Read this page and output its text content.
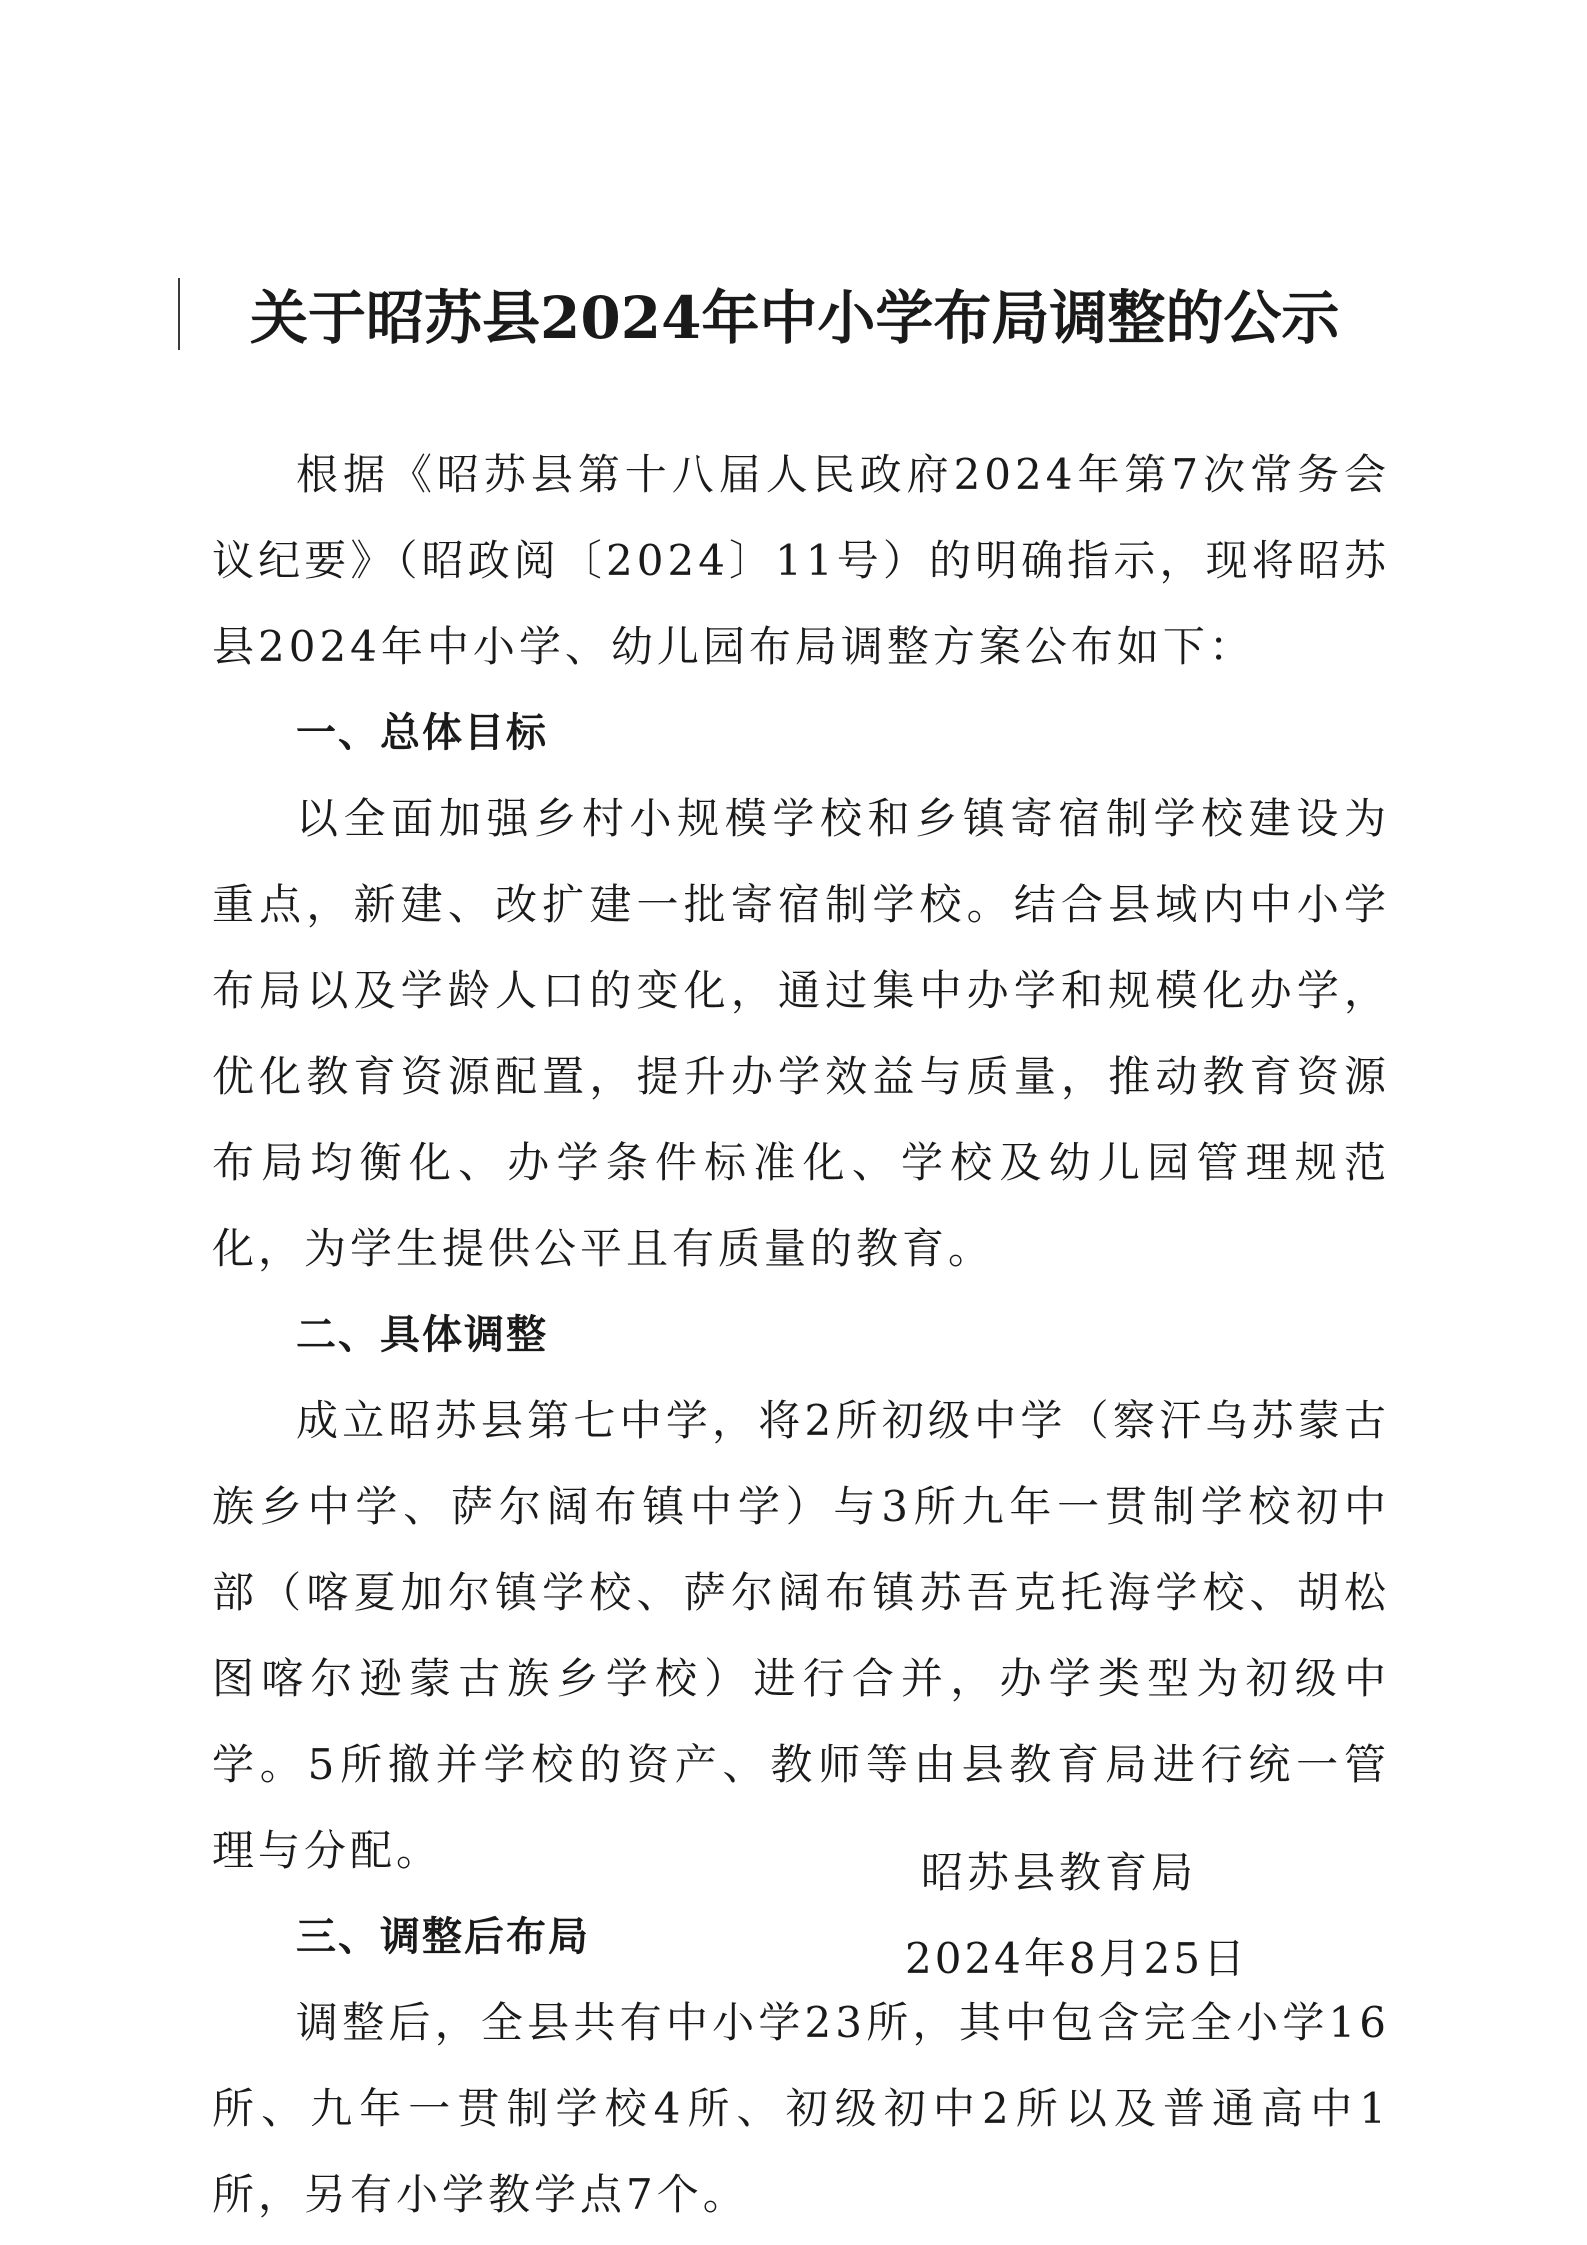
关于昭苏县2024年中小学布局调整的公示

根据《昭苏县第十八届人民政府2024年第7次常务会议纪要》（昭政阅〔2024〕11号）的明确指示，现将昭苏县2024年中小学、幼儿园布局调整方案公布如下：

一、总体目标

以全面加强乡村小规模学校和乡镇寄宿制学校建设为重点，新建、改扩建一批寄宿制学校。结合县域内中小学布局以及学龄人口的变化，通过集中办学和规模化办学，优化教育资源配置，提升办学效益与质量，推动教育资源布局均衡化、办学条件标准化、学校及幼儿园管理规范化，为学生提供公平且有质量的教育。

二、具体调整

成立昭苏县第七中学，将2所初级中学（察汗乌苏蒙古族乡中学、萨尔阔布镇中学）与3所九年一贯制学校初中部（喀夏加尔镇学校、萨尔阔布镇苏吾克托海学校、胡松图喀尔逊蒙古族乡学校）进行合并，办学类型为初级中学。5所撤并学校的资产、教师等由县教育局进行统一管理与分配。

三、调整后布局

调整后，全县共有中小学23所，其中包含完全小学16所、九年一贯制学校4所、初级初中2所以及普通高中1所，另有小学教学点7个。

昭苏县教育局

2024年8月25日
